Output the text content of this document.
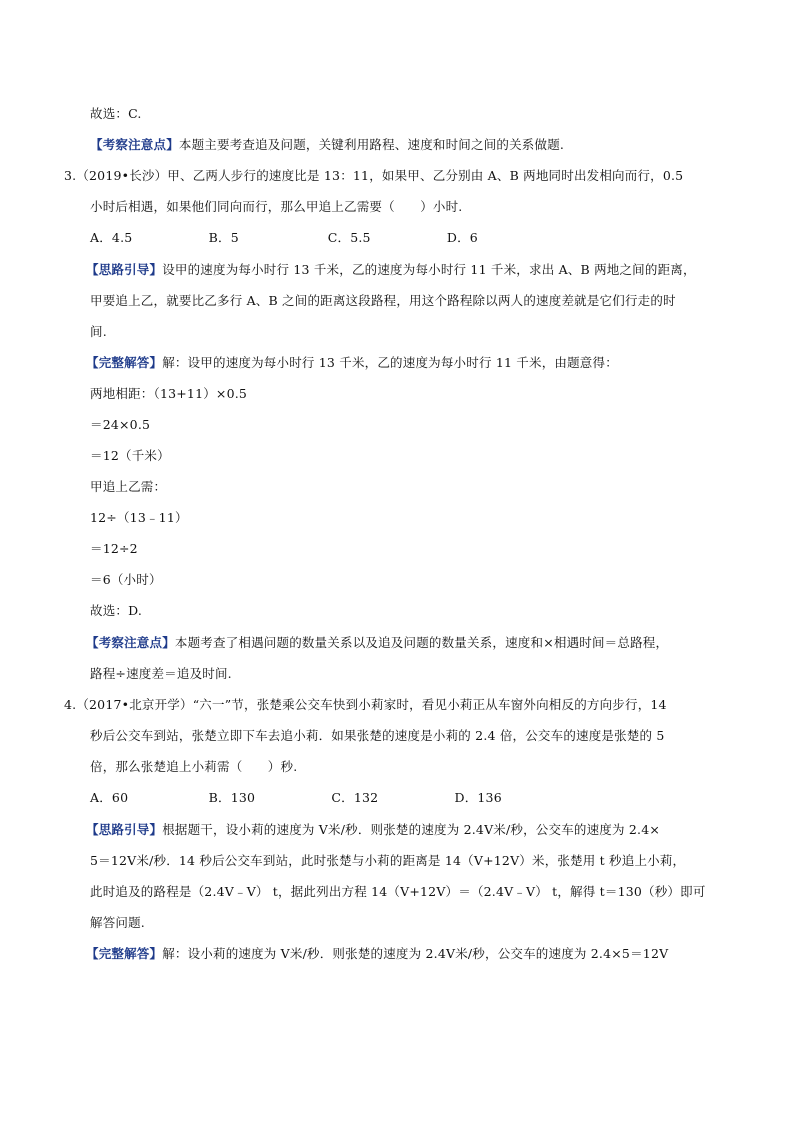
故选：C.
【考察注意点】本题主要考查追及问题，关键利用路程、速度和时间之间的关系做题.
3.（2019•长沙）甲、乙两人步行的速度比是 13：11，如果甲、乙分别由 A、B 两地同时出发相向而行，0.5
小时后相遇，如果他们同向而行，那么甲追上乙需要（　　）小时.
A．4.5　　　　　　B．5　　　　　　　C．5.5　　　　　　D．6
【思路引导】设甲的速度为每小时行 13 千米，乙的速度为每小时行 11 千米，求出 A、B 两地之间的距离，
甲要追上乙，就要比乙多行 A、B 之间的距离这段路程，用这个路程除以两人的速度差就是它们行走的时
间.
【完整解答】解：设甲的速度为每小时行 13 千米，乙的速度为每小时行 11 千米，由题意得：
两地相距：（13+11）×0.5
＝24×0.5
＝12（千米）
甲追上乙需：
12÷（13﹣11）
＝12÷2
＝6（小时）
故选：D.
【考察注意点】本题考查了相遇问题的数量关系以及追及问题的数量关系，速度和×相遇时间＝总路程，
路程÷速度差＝追及时间.
4.（2017•北京开学）“六一”节，张楚乘公交车快到小莉家时，看见小莉正从车窗外向相反的方向步行，14
秒后公交车到站，张楚立即下车去追小莉．如果张楚的速度是小莉的 2.4 倍，公交车的速度是张楚的 5
倍，那么张楚追上小莉需（　　）秒.
A．60　　　　　　 B．130　　　　　　C．132　　　　　　D．136
【思路引导】根据题干，设小莉的速度为 V米/秒．则张楚的速度为 2.4V米/秒，公交车的速度为 2.4×
5＝12V米/秒．14 秒后公交车到站，此时张楚与小莉的距离是 14（V+12V）米，张楚用 t 秒追上小莉，
此时追及的路程是（2.4V﹣V） t，据此列出方程 14（V+12V）＝（2.4V﹣V） t，解得 t＝130（秒）即可
解答问题.
【完整解答】解：设小莉的速度为 V米/秒．则张楚的速度为 2.4V米/秒，公交车的速度为 2.4×5＝12V
